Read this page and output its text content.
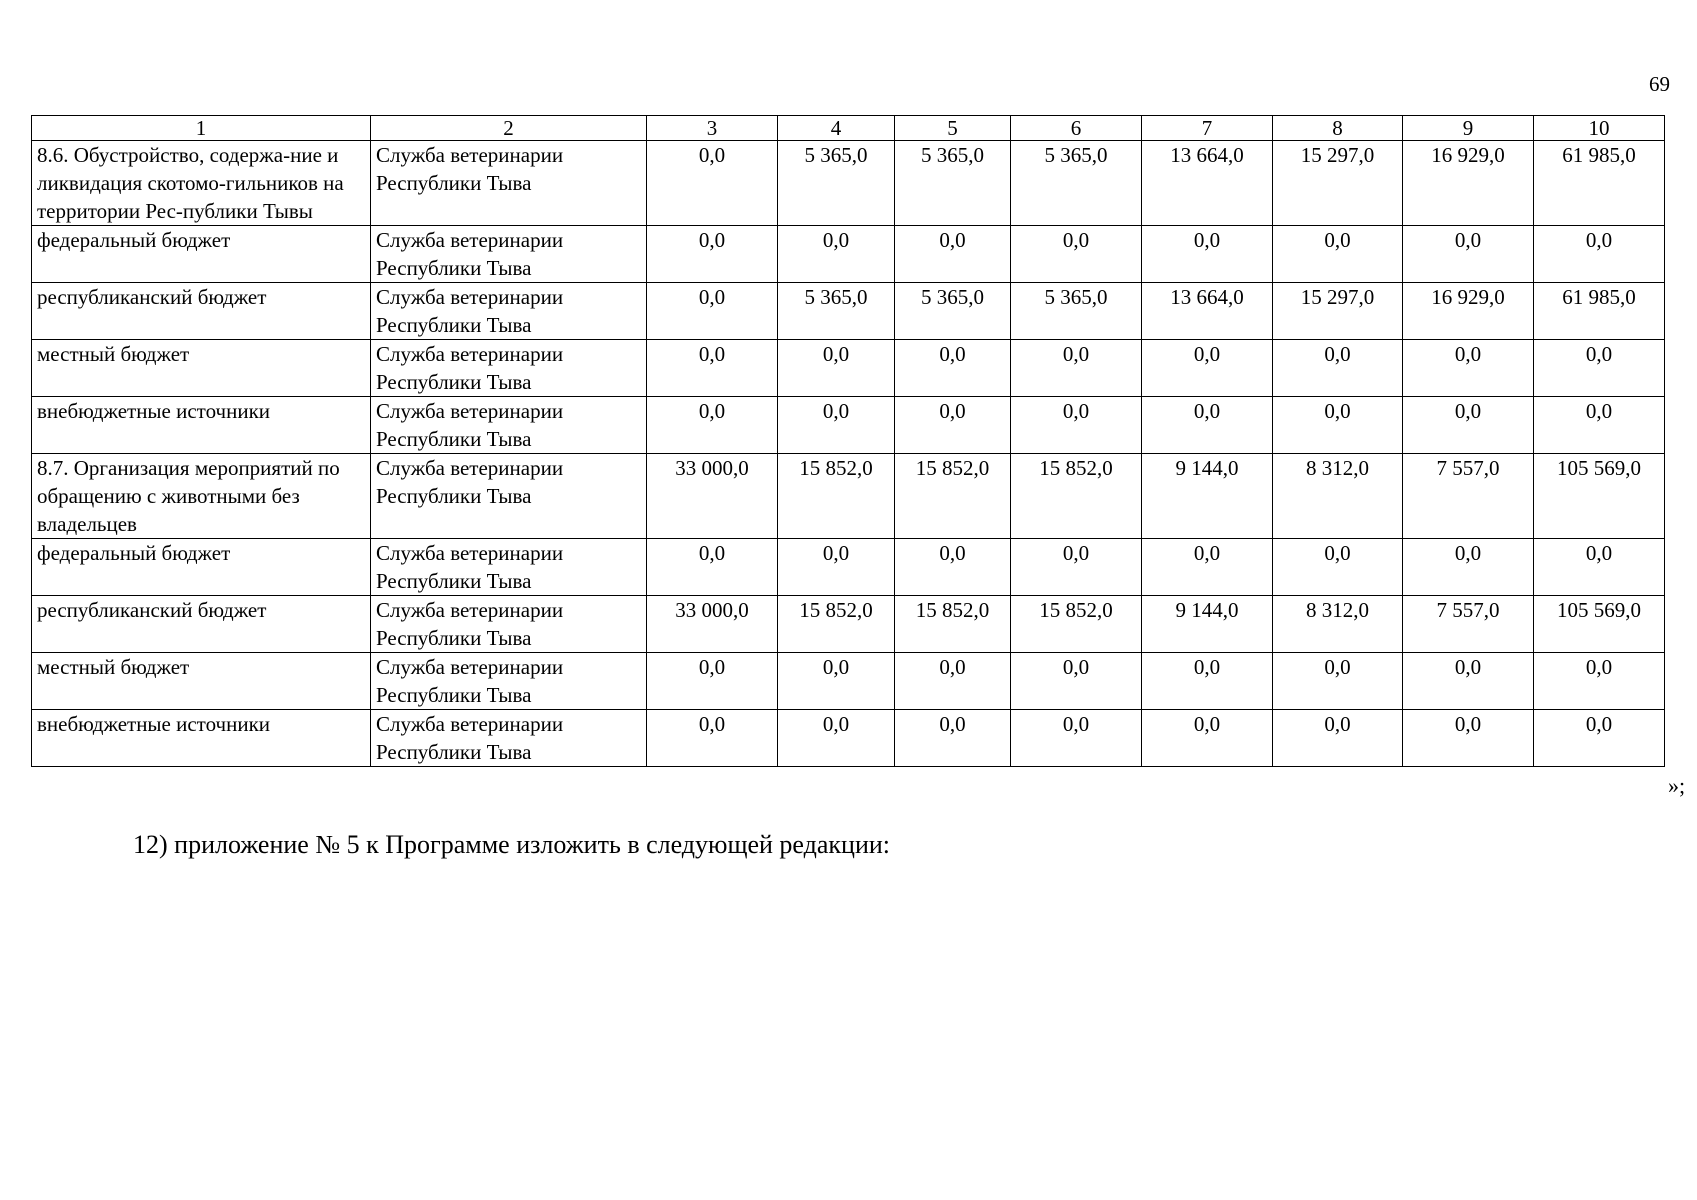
69
1	2	3	4	5	6	7	8	9	10
8.6. Обустройство, содержа-ние и ликвидация скотомо-гильников на территории Рес-публики Тывы	Служба ветеринарии Республики Тыва	0,0	5 365,0	5 365,0	5 365,0	13 664,0	15 297,0	16 929,0	61 985,0
федеральный бюджет	Служба ветеринарии Республики Тыва	0,0	0,0	0,0	0,0	0,0	0,0	0,0	0,0
республиканский бюджет	Служба ветеринарии Республики Тыва	0,0	5 365,0	5 365,0	5 365,0	13 664,0	15 297,0	16 929,0	61 985,0
местный бюджет	Служба ветеринарии Республики Тыва	0,0	0,0	0,0	0,0	0,0	0,0	0,0	0,0
внебюджетные источники	Служба ветеринарии Республики Тыва	0,0	0,0	0,0	0,0	0,0	0,0	0,0	0,0
8.7. Организация мероприятий по обращению с животными без владельцев	Служба ветеринарии Республики Тыва	33 000,0	15 852,0	15 852,0	15 852,0	9 144,0	8 312,0	7 557,0	105 569,0
федеральный бюджет	Служба ветеринарии Республики Тыва	0,0	0,0	0,0	0,0	0,0	0,0	0,0	0,0
республиканский бюджет	Служба ветеринарии Республики Тыва	33 000,0	15 852,0	15 852,0	15 852,0	9 144,0	8 312,0	7 557,0	105 569,0
местный бюджет	Служба ветеринарии Республики Тыва	0,0	0,0	0,0	0,0	0,0	0,0	0,0	0,0
внебюджетные источники	Служба ветеринарии Республики Тыва	0,0	0,0	0,0	0,0	0,0	0,0	0,0	0,0
»;
12) приложение № 5 к Программе изложить в следующей редакции:
